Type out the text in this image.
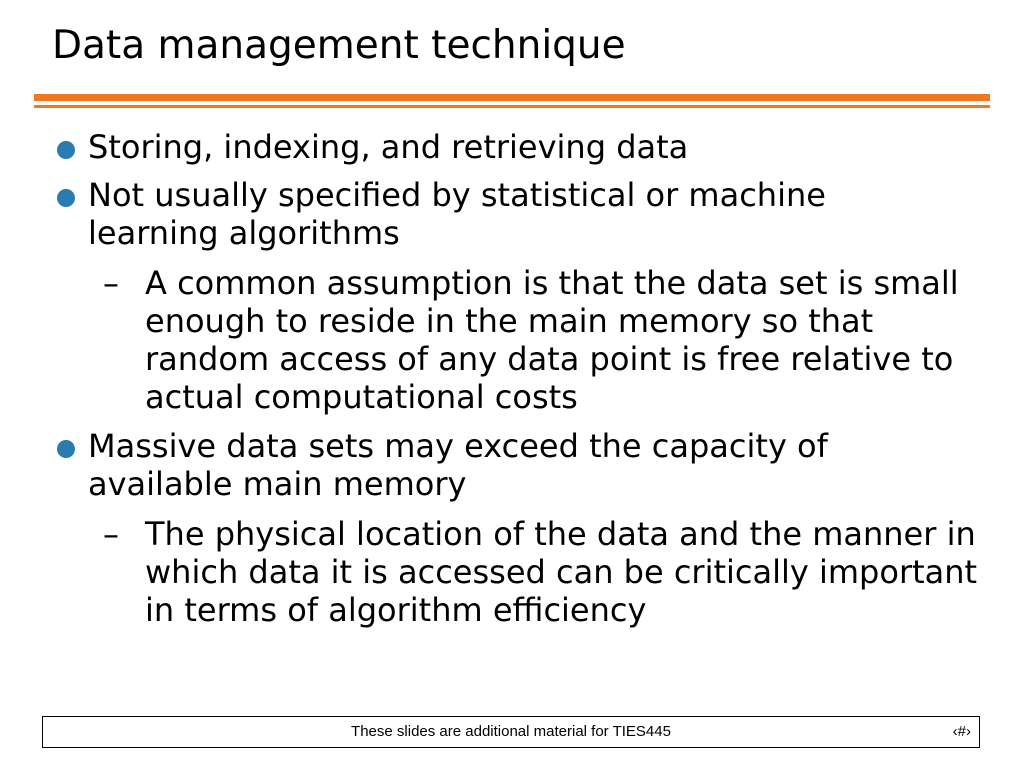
Data management technique

Storing, indexing, and retrieving data

Not usually specified by statistical or machine learning algorithms

– A common assumption is that the data set is small enough to reside in the main memory so that random access of any data point is free relative to actual computational costs

Massive data sets may exceed the capacity of available main memory

– The physical location of the data and the manner in which data it is accessed can be critically important in terms of algorithm efficiency

These slides are additional material for TIES445	‹#›
